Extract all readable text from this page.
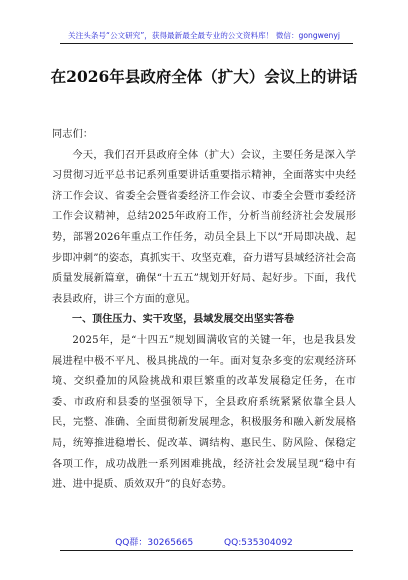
关注头条号“公文研究”，获得最新最全最专业的公文资料库！ 微信：gongwenyj
在2026年县政府全体（扩大）会议上的讲话

同志们：

今天，我们召开县政府全体（扩大）会议，主要任务是深入学习贯彻习近平总书记系列重要讲话重要指示精神，全面落实中央经济工作会议、省委全会暨省委经济工作会议、市委全会暨市委经济工作会议精神，总结2025年政府工作，分析当前经济社会发展形势，部署2026年重点工作任务，动员全县上下以“开局即决战、起步即冲刺”的姿态，真抓实干、攻坚克难，奋力谱写县域经济社会高质量发展新篇章，确保“十五五”规划开好局、起好步。下面，我代表县政府，讲三个方面的意见。

一、顶住压力、实干攻坚，县域发展交出坚实答卷

2025年，是“十四五”规划圆满收官的关键一年，也是我县发展进程中极不平凡、极具挑战的一年。面对复杂多变的宏观经济环境、交织叠加的风险挑战和艰巨繁重的改革发展稳定任务，在市委、市政府和县委的坚强领导下，全县政府系统紧紧依靠全县人民，完整、准确、全面贯彻新发展理念，积极服务和融入新发展格局，统筹推进稳增长、促改革、调结构、惠民生、防风险、保稳定各项工作，成功战胜一系列困难挑战，经济社会发展呈现“稳中有进、进中提质、质效双升”的良好态势。

QQ群：30265665	QQ:535304092
